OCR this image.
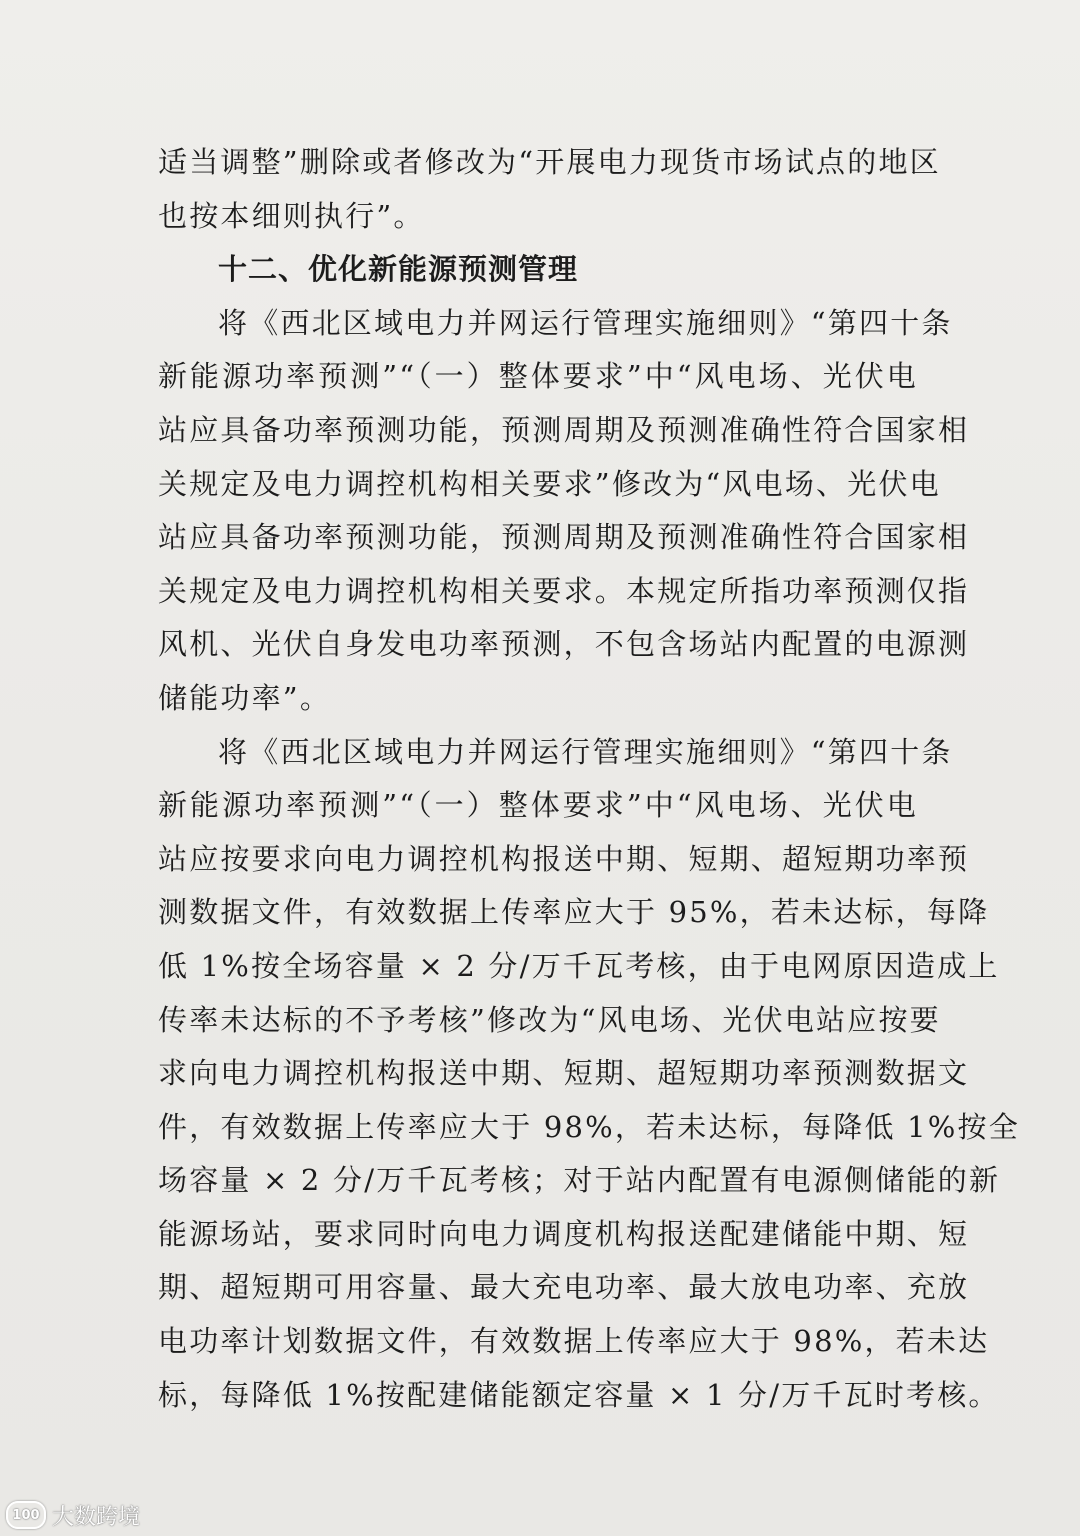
适当调整”删除或者修改为“开展电力现货市场试点的地区
也按本细则执行”。
十二、优化新能源预测管理
将《西北区域电力并网运行管理实施细则》“第四十条
新能源功率预测”“（一）整体要求”中“风电场、光伏电
站应具备功率预测功能，预测周期及预测准确性符合国家相
关规定及电力调控机构相关要求”修改为“风电场、光伏电
站应具备功率预测功能，预测周期及预测准确性符合国家相
关规定及电力调控机构相关要求。本规定所指功率预测仅指
风机、光伏自身发电功率预测，不包含场站内配置的电源测
储能功率”。
将《西北区域电力并网运行管理实施细则》“第四十条
新能源功率预测”“（一）整体要求”中“风电场、光伏电
站应按要求向电力调控机构报送中期、短期、超短期功率预
测数据文件，有效数据上传率应大于 95%，若未达标，每降
低 1%按全场容量 × 2 分/万千瓦考核，由于电网原因造成上
传率未达标的不予考核”修改为“风电场、光伏电站应按要
求向电力调控机构报送中期、短期、超短期功率预测数据文
件，有效数据上传率应大于 98%，若未达标，每降低 1%按全
场容量 × 2 分/万千瓦考核；对于站内配置有电源侧储能的新
能源场站，要求同时向电力调度机构报送配建储能中期、短
期、超短期可用容量、最大充电功率、最大放电功率、充放
电功率计划数据文件，有效数据上传率应大于 98%，若未达
标，每降低 1%按配建储能额定容量 × 1 分/万千瓦时考核。
100 大数跨境
